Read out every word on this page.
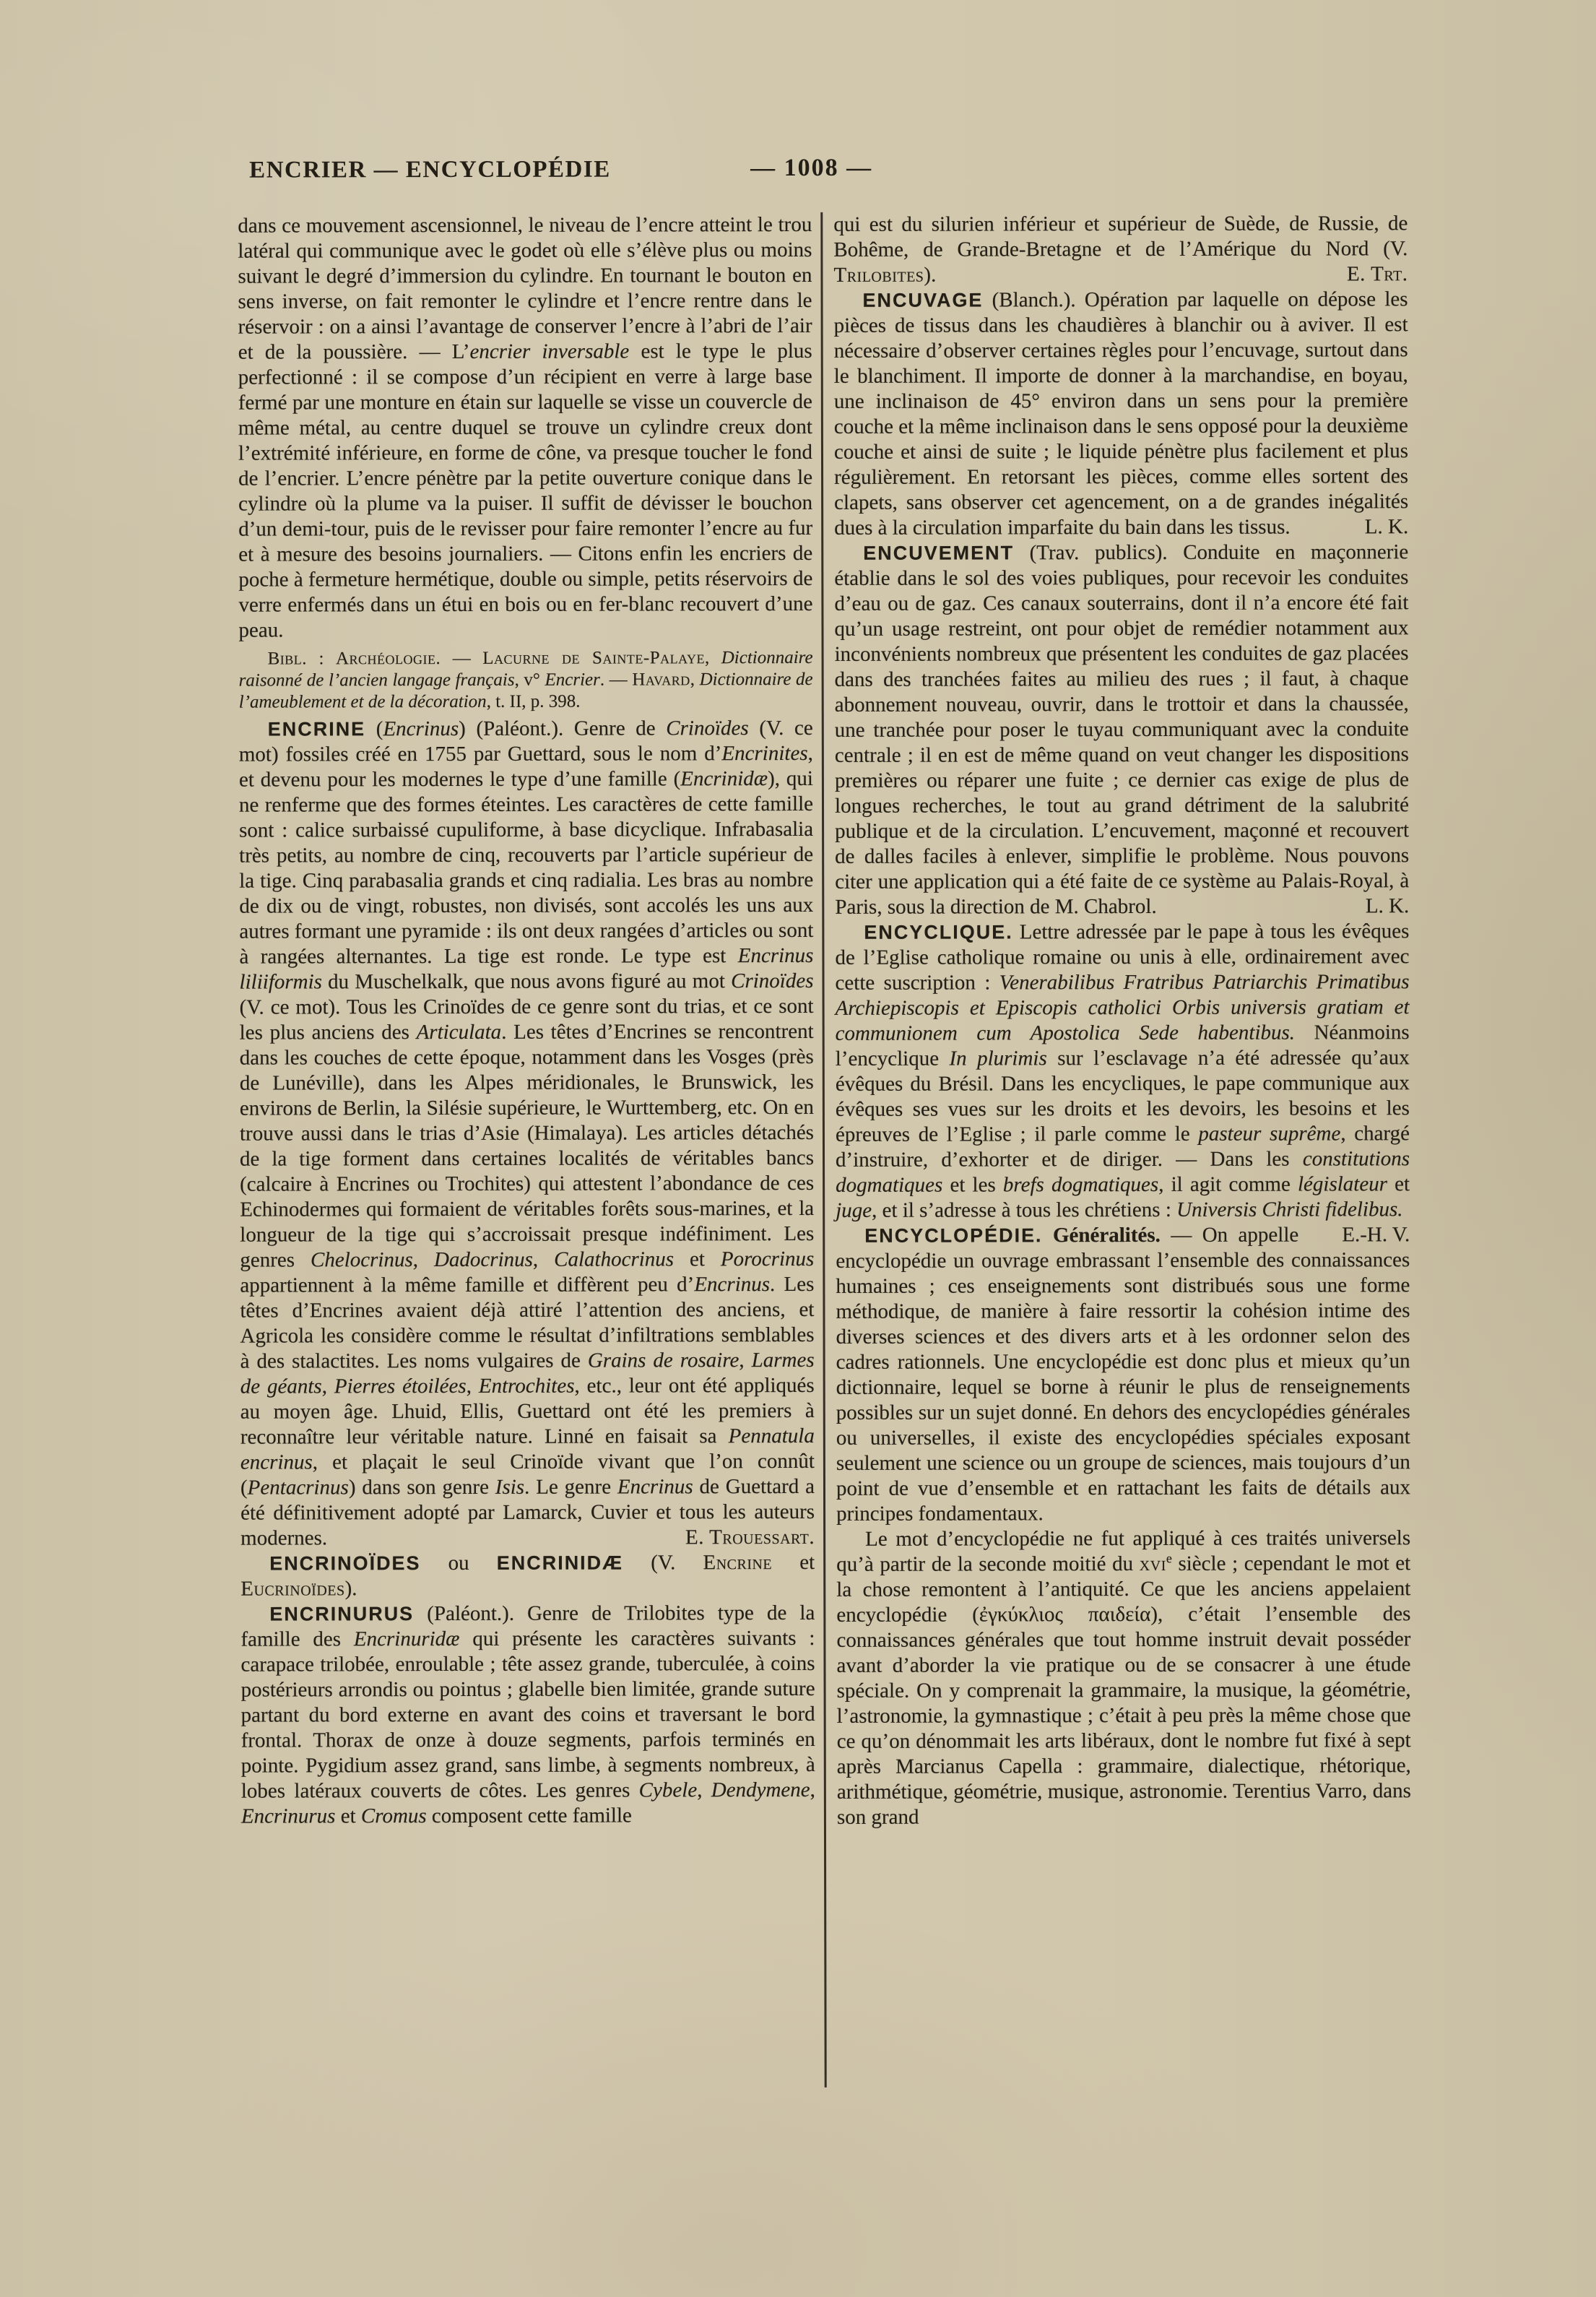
ENCRIER — ENCYCLOPÉDIE	— 1008 —

dans ce mouvement ascensionnel, le niveau de l’encre atteint le trou latéral qui communique avec le godet où elle s’élève plus ou moins suivant le degré d’immersion du cylindre. En tournant le bouton en sens inverse, on fait remonter le cylindre et l’encre rentre dans le réservoir : on a ainsi l’avantage de conserver l’encre à l’abri de l’air et de la poussière. — L’encrier inversable est le type le plus perfectionné : il se compose d’un récipient en verre à large base fermé par une monture en étain sur laquelle se visse un couvercle de même métal, au centre duquel se trouve un cylindre creux dont l’extrémité inférieure, en forme de cône, va presque toucher le fond de l’encrier. L’encre pénètre par la petite ouverture conique dans le cylindre où la plume va la puiser. Il suffit de dévisser le bouchon d’un demi-tour, puis de le revisser pour faire remonter l’encre au fur et à mesure des besoins journaliers. — Citons enfin les encriers de poche à fermeture hermétique, double ou simple, petits réservoirs de verre enfermés dans un étui en bois ou en fer-blanc recouvert d’une peau.

Bibl. : Archéologie. — Lacurne de Sainte-Palaye, Dictionnaire raisonné de l’ancien langage français, v° Encrier. — Havard, Dictionnaire de l’ameublement et de la décoration, t. II, p. 398.

ENCRINE (Encrinus) (Paléont.). Genre de Crinoïdes (V. ce mot) fossiles créé en 1755 par Guettard, sous le nom d’Encrinites, et devenu pour les modernes le type d’une famille (Encrinidæ), qui ne renferme que des formes éteintes. Les caractères de cette famille sont : calice surbaissé cupuliforme, à base dicyclique. Infrabasalia très petits, au nombre de cinq, recouverts par l’article supérieur de la tige. Cinq parabasalia grands et cinq radialia. Les bras au nombre de dix ou de vingt, robustes, non divisés, sont accolés les uns aux autres formant une pyramide : ils ont deux rangées d’articles ou sont à rangées alternantes. La tige est ronde. Le type est Encrinus liliiformis du Muschelkalk, que nous avons figuré au mot Crinoïdes (V. ce mot). Tous les Crinoïdes de ce genre sont du trias, et ce sont les plus anciens des Articulata. Les têtes d’Encrines se rencontrent dans les couches de cette époque, notamment dans les Vosges (près de Lunéville), dans les Alpes méridionales, le Brunswick, les environs de Berlin, la Silésie supérieure, le Wurttemberg, etc. On en trouve aussi dans le trias d’Asie (Himalaya). Les articles détachés de la tige forment dans certaines localités de véritables bancs (calcaire à Encrines ou Trochites) qui attestent l’abondance de ces Echinodermes qui formaient de véritables forêts sous-marines, et la longueur de la tige qui s’accroissait presque indéfiniment. Les genres Chelocrinus, Dadocrinus, Calathocrinus et Porocrinus appartiennent à la même famille et diffèrent peu d’Encrinus. Les têtes d’Encrines avaient déjà attiré l’attention des anciens, et Agricola les considère comme le résultat d’infiltrations semblables à des stalactites. Les noms vulgaires de Grains de rosaire, Larmes de géants, Pierres étoilées, Entrochites, etc., leur ont été appliqués au moyen âge. Lhuid, Ellis, Guettard ont été les premiers à reconnaître leur véritable nature. Linné en faisait sa Pennatula encrinus, et plaçait le seul Crinoïde vivant que l’on connût (Pentacrinus) dans son genre Isis. Le genre Encrinus de Guettard a été définitivement adopté par Lamarck, Cuvier et tous les auteurs modernes.	E. Trouessart.

ENCRINOÏDES ou ENCRINIDÆ (V. Encrine et Eucrinoïdes).

ENCRINURUS (Paléont.). Genre de Trilobites type de la famille des Encrinuridæ qui présente les caractères suivants : carapace trilobée, enroulable ; tête assez grande, tuberculée, à coins postérieurs arrondis ou pointus ; glabelle bien limitée, grande suture partant du bord externe en avant des coins et traversant le bord frontal. Thorax de onze à douze segments, parfois terminés en pointe. Pygidium assez grand, sans limbe, à segments nombreux, à lobes latéraux couverts de côtes. Les genres Cybele, Dendymene, Encrinurus et Cromus composent cette famille

qui est du silurien inférieur et supérieur de Suède, de Russie, de Bohême, de Grande-Bretagne et de l’Amérique du Nord (V. Trilobites).	E. Trt.

ENCUVAGE (Blanch.). Opération par laquelle on dépose les pièces de tissus dans les chaudières à blanchir ou à aviver. Il est nécessaire d’observer certaines règles pour l’encuvage, surtout dans le blanchiment. Il importe de donner à la marchandise, en boyau, une inclinaison de 45° environ dans un sens pour la première couche et la même inclinaison dans le sens opposé pour la deuxième couche et ainsi de suite ; le liquide pénètre plus facilement et plus régulièrement. En retorsant les pièces, comme elles sortent des clapets, sans observer cet agencement, on a de grandes inégalités dues à la circulation imparfaite du bain dans les tissus.	L. K.

ENCUVEMENT (Trav. publics). Conduite en maçonnerie établie dans le sol des voies publiques, pour recevoir les conduites d’eau ou de gaz. Ces canaux souterrains, dont il n’a encore été fait qu’un usage restreint, ont pour objet de remédier notamment aux inconvénients nombreux que présentent les conduites de gaz placées dans des tranchées faites au milieu des rues ; il faut, à chaque abonnement nouveau, ouvrir, dans le trottoir et dans la chaussée, une tranchée pour poser le tuyau communiquant avec la conduite centrale ; il en est de même quand on veut changer les dispositions premières ou réparer une fuite ; ce dernier cas exige de plus de longues recherches, le tout au grand détriment de la salubrité publique et de la circulation. L’encuvement, maçonné et recouvert de dalles faciles à enlever, simplifie le problème. Nous pouvons citer une application qui a été faite de ce système au Palais-Royal, à Paris, sous la direction de M. Chabrol.	L. K.

ENCYCLIQUE. Lettre adressée par le pape à tous les évêques de l’Eglise catholique romaine ou unis à elle, ordinairement avec cette suscription : Venerabilibus Fratribus Patriarchis Primatibus Archiepiscopis et Episcopis catholici Orbis universis gratiam et communionem cum Apostolica Sede habentibus. Néanmoins l’encyclique In plurimis sur l’esclavage n’a été adressée qu’aux évêques du Brésil. Dans les encycliques, le pape communique aux évêques ses vues sur les droits et les devoirs, les besoins et les épreuves de l’Eglise ; il parle comme le pasteur suprême, chargé d’instruire, d’exhorter et de diriger. — Dans les constitutions dogmatiques et les brefs dogmatiques, il agit comme législateur et juge, et il s’adresse à tous les chrétiens : Universis Christi fidelibus.
E.-H. V.

ENCYCLOPÉDIE. Généralités. — On appelle encyclopédie un ouvrage embrassant l’ensemble des connaissances humaines ; ces enseignements sont distribués sous une forme méthodique, de manière à faire ressortir la cohésion intime des diverses sciences et des divers arts et à les ordonner selon des cadres rationnels. Une encyclopédie est donc plus et mieux qu’un dictionnaire, lequel se borne à réunir le plus de renseignements possibles sur un sujet donné. En dehors des encyclopédies générales ou universelles, il existe des encyclopédies spéciales exposant seulement une science ou un groupe de sciences, mais toujours d’un point de vue d’ensemble et en rattachant les faits de détails aux principes fondamentaux.

Le mot d’encyclopédie ne fut appliqué à ces traités universels qu’à partir de la seconde moitié du xvi$^e$ siècle ; cependant le mot et la chose remontent à l’antiquité. Ce que les anciens appelaient encyclopédie (ἐγκύκλιος παιδεία), c’était l’ensemble des connaissances générales que tout homme instruit devait posséder avant d’aborder la vie pratique ou de se consacrer à une étude spéciale. On y comprenait la grammaire, la musique, la géométrie, l’astronomie, la gymnastique ; c’était à peu près la même chose que ce qu’on dénommait les arts libéraux, dont le nombre fut fixé à sept après Marcianus Capella : grammaire, dialectique, rhétorique, arithmétique, géométrie, musique, astronomie. Terentius Varro, dans son grand
